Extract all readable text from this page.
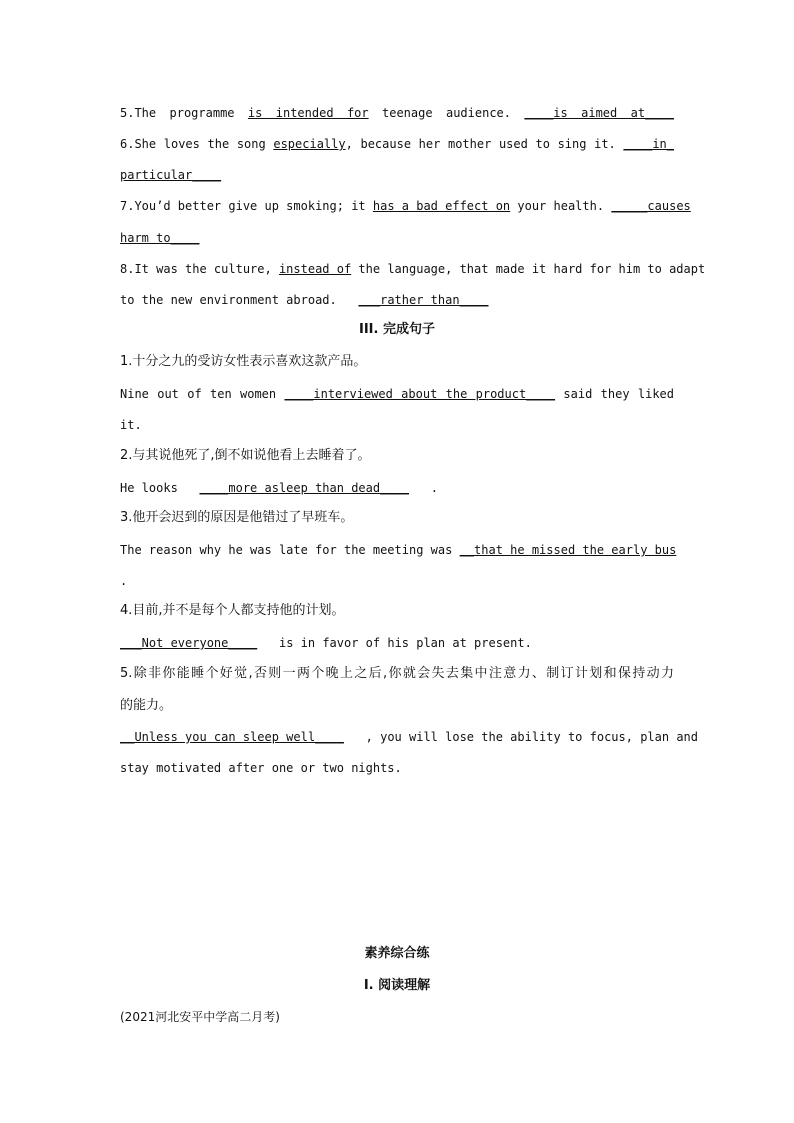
5.The programme is intended for teenage audience. ____is aimed at____
6.She loves the song especially, because her mother used to sing it. ____in_
particular____
7.You’d better give up smoking; it has a bad effect on your health. _____causes
harm to____
8.It was the culture, instead of the language, that made it hard for him to adapt
to the new environment abroad. ___rather than____
III. 完成句子
1.十分之九的受访女性表示喜欢这款产品。
Nine out of ten women ____interviewed about the product____ said they liked
it.
2.与其说他死了,倒不如说他看上去睡着了。
He looks ____more asleep than dead____ .
3.他开会迟到的原因是他错过了早班车。
The reason why he was late for the meeting was __that he missed the early bus
.
4.目前,并不是每个人都支持他的计划。
___Not everyone____ is in favor of his plan at present.
5.除非你能睡个好觉,否则一两个晚上之后,你就会失去集中注意力、制订计划和保持动力
的能力。
__Unless you can sleep well____ , you will lose the ability to focus, plan and
stay motivated after one or two nights.
素养综合练
I. 阅读理解
(2021河北安平中学高二月考)
